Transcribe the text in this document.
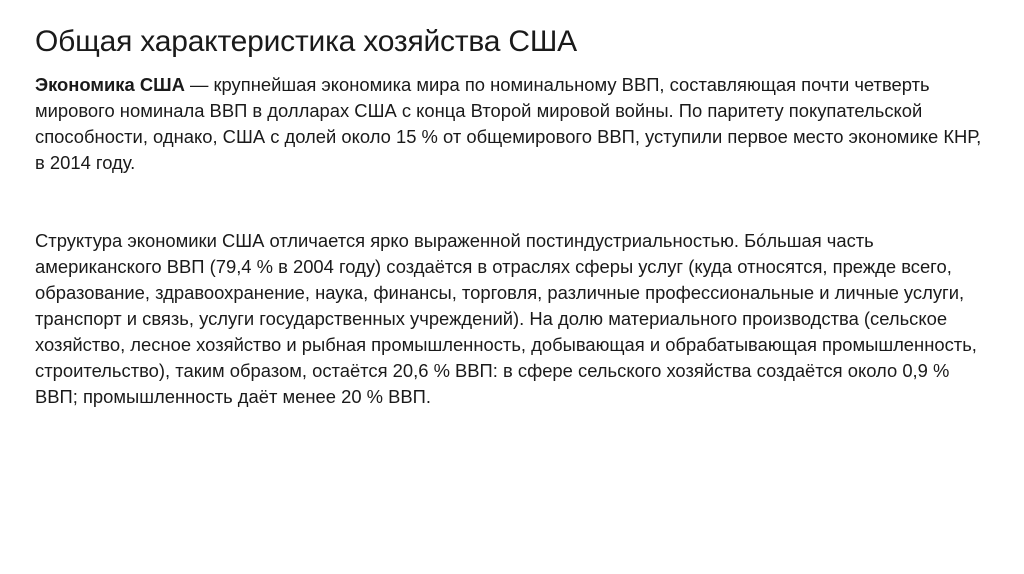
Общая характеристика хозяйства США

Экономика США — крупнейшая экономика мира по номинальному ВВП, составляющая почти четверть мирового номинала ВВП в долларах США с конца Второй мировой войны. По паритету покупательской способности, однако, США с долей около 15 % от общемирового ВВП, уступили первое место экономике КНР, в 2014 году.

Структура экономики США отличается ярко выраженной постиндустриальностью. Бóльшая часть американского ВВП (79,4 % в 2004 году) создаётся в отраслях сферы услуг (куда относятся, прежде всего, образование, здравоохранение, наука, финансы, торговля, различные профессиональные и личные услуги, транспорт и связь, услуги государственных учреждений). На долю материального производства (сельское хозяйство, лесное хозяйство и рыбная промышленность, добывающая и обрабатывающая промышленность, строительство), таким образом, остаётся 20,6 % ВВП: в сфере сельского хозяйства создаётся около 0,9 % ВВП; промышленность даёт менее 20 % ВВП.
